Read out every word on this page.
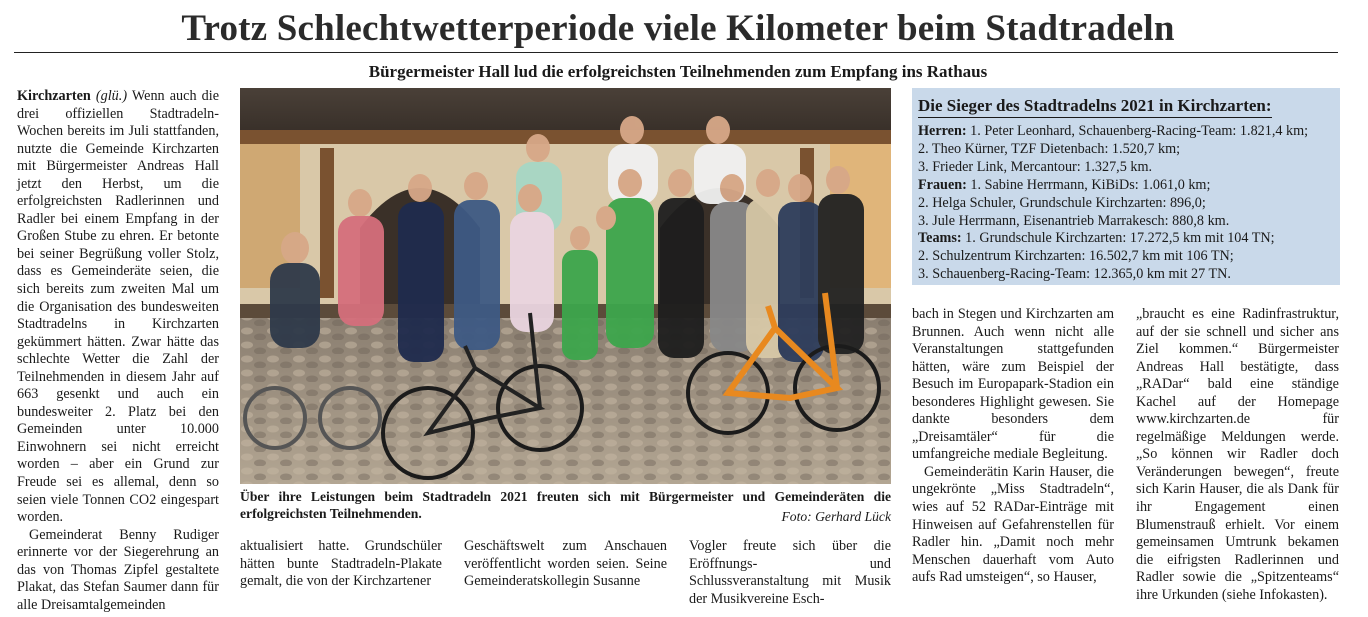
Trotz Schlechtwetterperiode viele Kilometer beim Stadtradeln
Bürgermeister Hall lud die erfolgreichsten Teilnehmenden zum Empfang ins Rathaus

Kirchzarten (glü.) Wenn auch die drei offiziellen Stadtradeln-Wochen bereits im Juli stattfanden, nutzte die Gemeinde Kirchzarten mit Bürgermeister Andreas Hall jetzt den Herbst, um die erfolgreichsten Radlerinnen und Radler bei einem Empfang in der Großen Stube zu ehren. Er betonte bei seiner Begrüßung voller Stolz, dass es Gemeinderäte seien, die sich bereits zum zweiten Mal um die Organisation des bundesweiten Stadtradelns in Kirchzarten gekümmert hätten. Zwar hätte das schlechte Wetter die Zahl der Teilnehmenden in diesem Jahr auf 663 gesenkt und auch ein bundesweiter 2. Platz bei den Gemeinden unter 10.000 Einwohnern sei nicht erreicht worden – aber ein Grund zur Freude sei es allemal, denn so seien viele Tonnen CO2 eingespart worden.

Gemeinderat Benny Rudiger erinnerte vor der Siegerehrung an das von Thomas Zipfel gestaltete Plakat, das Stefan Saumer dann für alle Dreisamtalgemeinden

Über ihre Leistungen beim Stadtradeln 2021 freuten sich mit Bürgermeister und Gemeinderäten die erfolgreichsten Teilnehmenden.	Foto: Gerhard Lück

aktualisiert hatte. Grundschüler hätten bunte Stadtradeln-Plakate gemalt, die von der Kirchzartener

Geschäftswelt zum Anschauen veröffentlicht worden seien. Seine Gemeinderatskollegin Susanne

Vogler freute sich über die Eröffnungs- und Schlussveranstaltung mit Musik der Musikvereine Esch-

Die Sieger des Stadtradelns 2021 in Kirchzarten:
Herren: 1. Peter Leonhard, Schauenberg-Racing-Team: 1.821,4 km;
2. Theo Kürner, TZF Dietenbach: 1.520,7 km;
3. Frieder Link, Mercantour: 1.327,5 km.
Frauen: 1. Sabine Herrmann, KiBiDs: 1.061,0 km;
2. Helga Schuler, Grundschule Kirchzarten: 896,0;
3. Jule Herrmann, Eisenantrieb Marrakesch: 880,8 km.
Teams: 1. Grundschule Kirchzarten: 17.272,5 km mit 104 TN;
2. Schulzentrum Kirchzarten: 16.502,7 km mit 106 TN;
3. Schauenberg-Racing-Team: 12.365,0 km mit 27 TN.

bach in Stegen und Kirchzarten am Brunnen. Auch wenn nicht alle Veranstaltungen stattgefunden hätten, wäre zum Beispiel der Besuch im Europapark-Stadion ein besonderes Highlight gewesen. Sie dankte besonders dem „Dreisamtäler“ für die umfangreiche mediale Begleitung.

Gemeinderätin Karin Hauser, die ungekrönte „Miss Stadtradeln“, wies auf 52 RADar-Einträge mit Hinweisen auf Gefahrenstellen für Radler hin. „Damit noch mehr Menschen dauerhaft vom Auto aufs Rad umsteigen“, so Hauser,

„braucht es eine Radinfrastruktur, auf der sie schnell und sicher ans Ziel kommen.“ Bürgermeister Andreas Hall bestätigte, dass „RADar“ bald eine ständige Kachel auf der Homepage www.kirchzarten.de für regelmäßige Meldungen werde. „So können wir Radler doch Veränderungen bewegen“, freute sich Karin Hauser, die als Dank für ihr Engagement einen Blumenstrauß erhielt. Vor einem gemeinsamen Umtrunk bekamen die eifrigsten Radlerinnen und Radler sowie die „Spitzenteams“ ihre Urkunden (siehe Infokasten).
